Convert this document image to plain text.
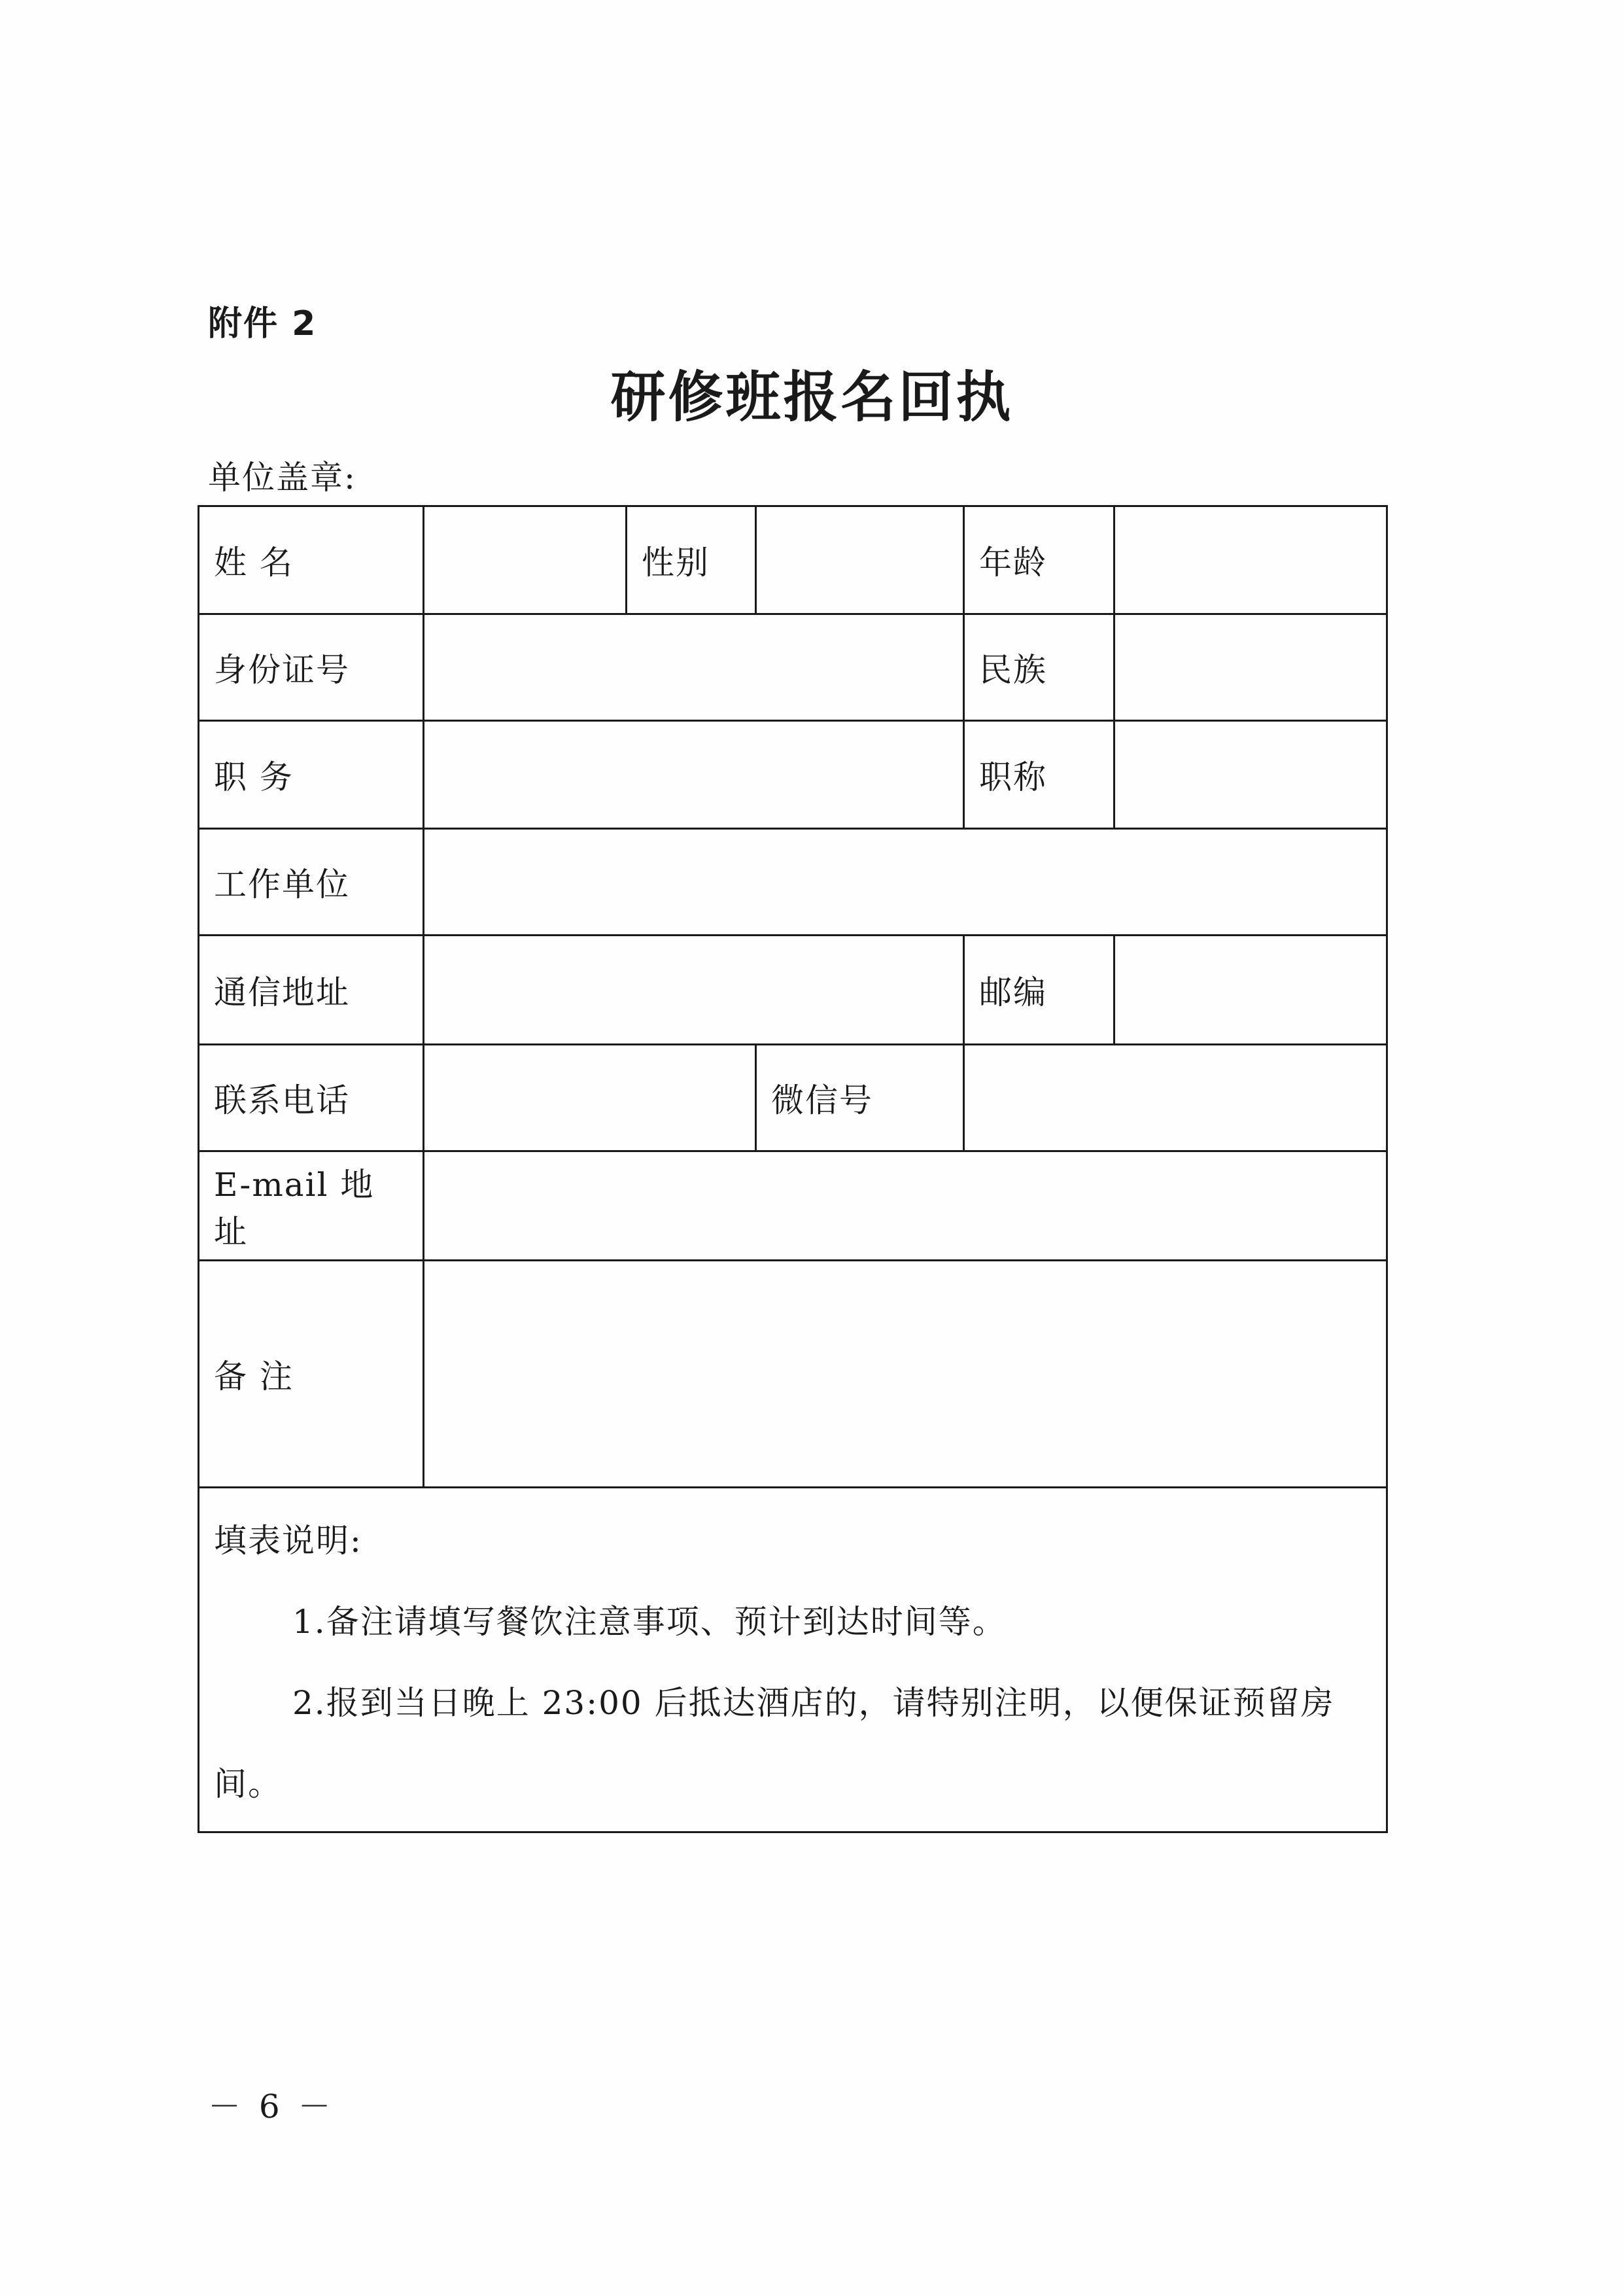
附件 2
研修班报名回执
单位盖章:
姓 名		性别		年龄	
身份证号				民族	
职 务				职称	
工作单位					
通信地址				邮编	
联系电话			微信号		
E-mail 地址					
备 注					

填表说明:
1.备注请填写餐饮注意事项、预计到达时间等。
2.报到当日晚上 23:00 后抵达酒店的，请特别注明，以便保证预留房间。					
－ 6 －
